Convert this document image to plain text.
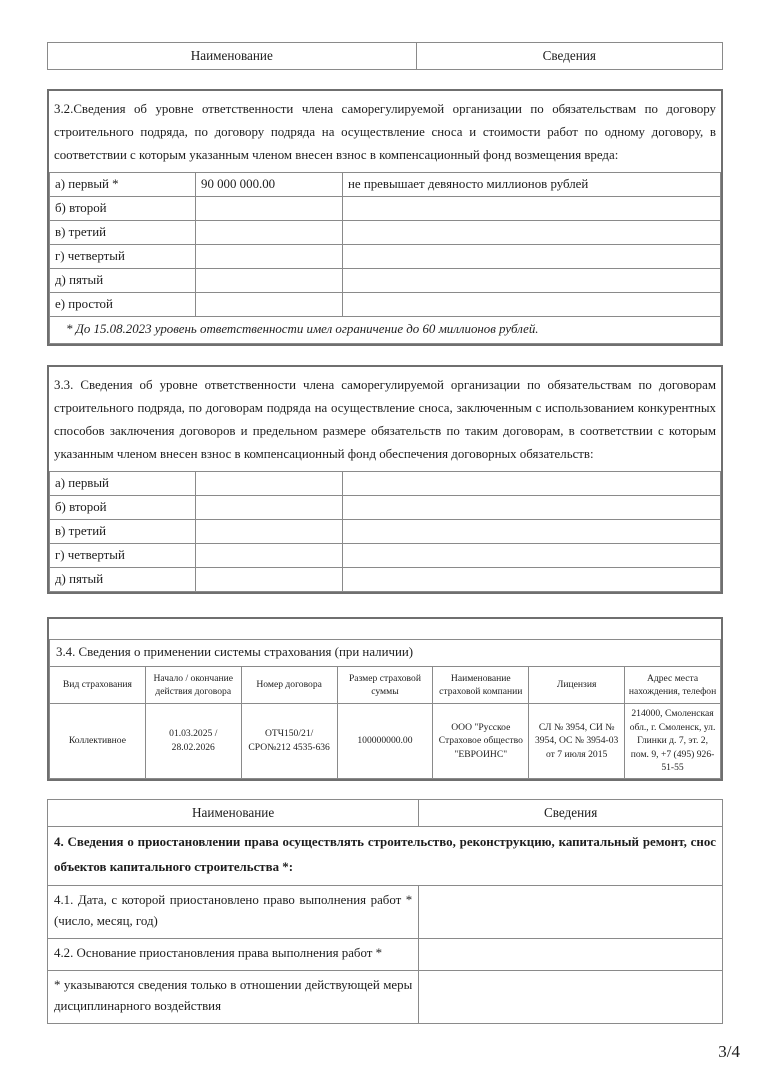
Наименование	Сведения
3.2.Сведения об уровне ответственности члена саморегулируемой организации по обязательствам по договору строительного подряда, по договору подряда на осуществление сноса и стоимости работ по одному договору, в соответствии с которым указанным членом внесен взнос в компенсационный фонд возмещения вреда:
а) первый *	90 000 000.00	не превышает девяносто миллионов рублей
б) второй		
в) третий		
г) четвертый		
д) пятый		
е) простой		
* До 15.08.2023 уровень ответственности имел ограничение до 60 миллионов рублей.		
3.3. Сведения об уровне ответственности члена саморегулируемой организации по обязательствам по договорам строительного подряда, по договорам подряда на осуществление сноса, заключенным с использованием конкурентных способов заключения договоров и предельном размере обязательств по таким договорам, в соответствии с которым указанным членом внесен взнос в компенсационный фонд обеспечения договорных обязательств:
а) первый		
б) второй		
в) третий		
г) четвертый		
д) пятый		
3.4. Сведения о применении системы страхования (при наличии)						
Вид страхования	Начало / окончание действия договора	Номер договора	Размер страховой суммы	Наименование страховой компании	Лицензия	Адрес места нахождения, телефон
Коллективное	01.03.2025 / 28.02.2026	ОТЧ150/21/СРО№212 4535-636	100000000.00	ООО "Русское Страховое общество "ЕВРОИНС"	СЛ № 3954, СИ № 3954, ОС № 3954-03 от 7 июля 2015	214000, Смоленская обл., г. Смоленск, ул. Глинки д. 7, эт. 2, пом. 9, +7 (495) 926-51-55
Наименование	Сведения
4. Сведения о приостановлении права осуществлять строительство, реконструкцию, капитальный ремонт, снос объектов капитального строительства *:	
4.1. Дата, с которой приостановлено право выполнения работ * (число, месяц, год)	
4.2. Основание приостановления права выполнения работ *	
* указываются сведения только в отношении действующей меры дисциплинарного воздействия	
3/4
